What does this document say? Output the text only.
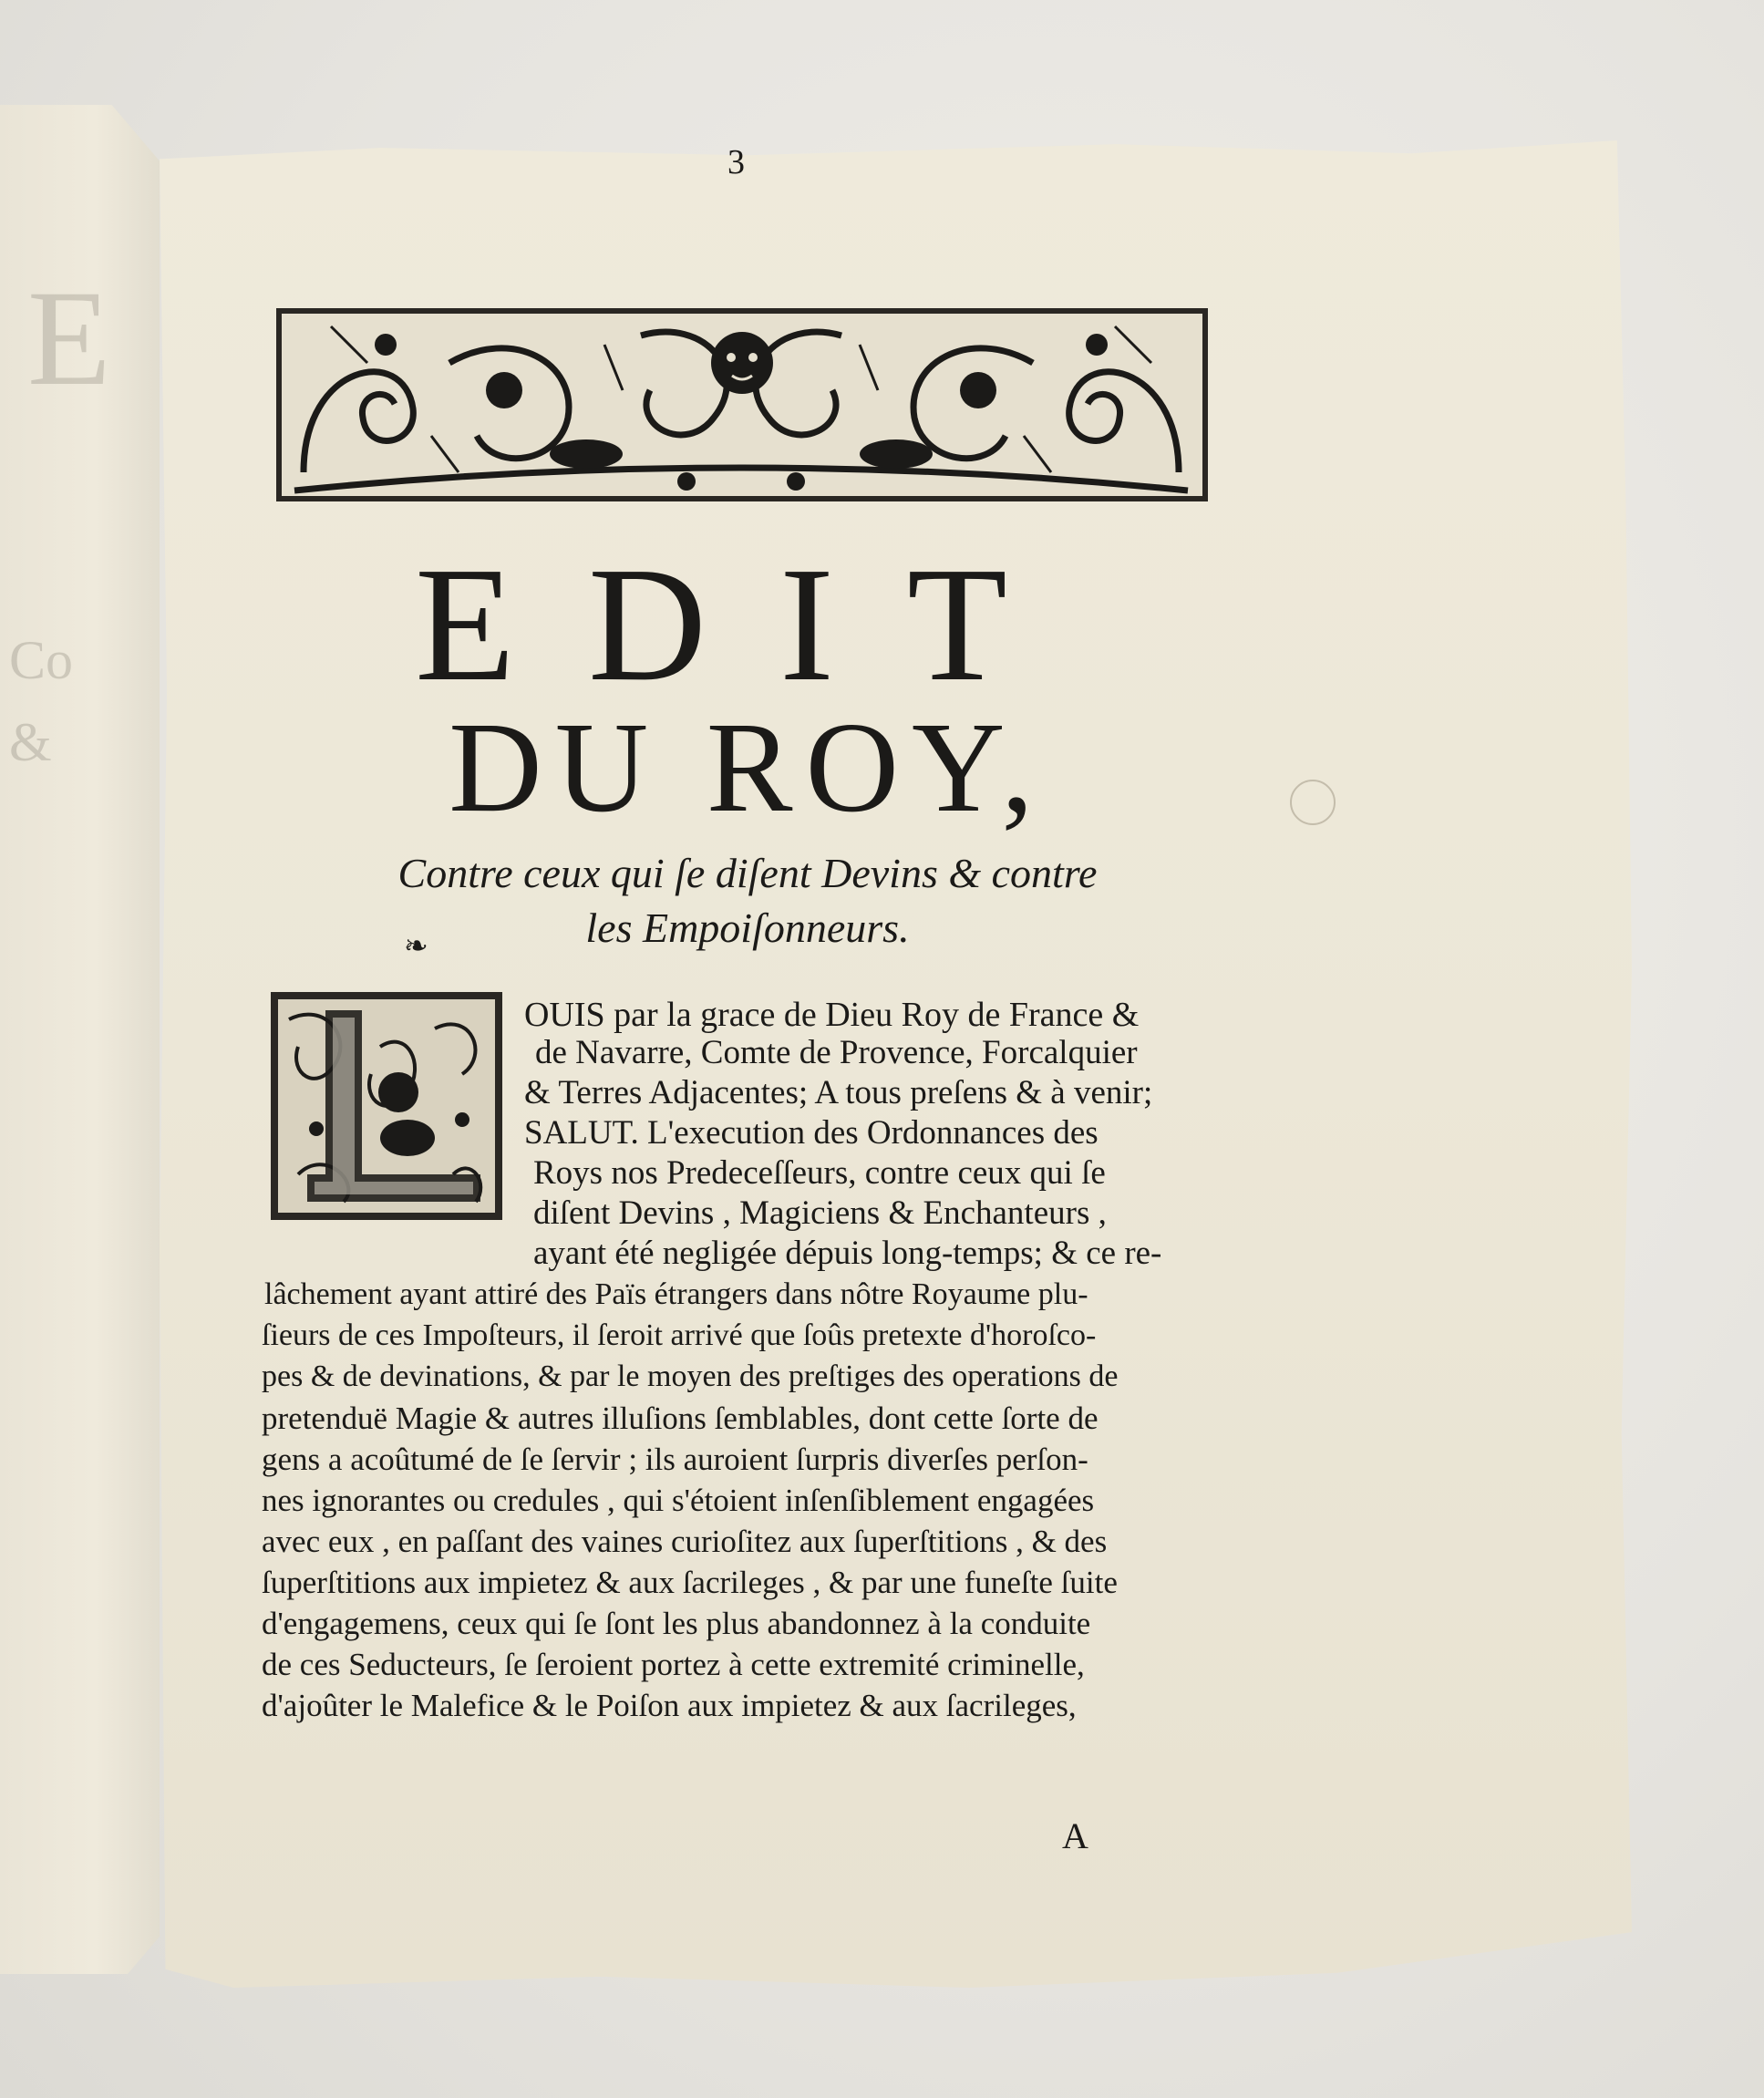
E
Co
&
3
EDIT
DU ROY,
Contre ceux qui ſe diſent Devins & contre
les Empoiſonneurs.
❧
OUIS par la grace de Dieu Roy de France &
de Navarre, Comte de Provence, Forcalquier
& Terres Adjacentes; A tous preſens & à venir;
SALUT. L'execution des Ordonnances des
Roys nos Predeceſſeurs, contre ceux qui ſe
diſent Devins , Magiciens & Enchanteurs ,
ayant été negligée dépuis long-temps; & ce re-
lâchement ayant attiré des Païs étrangers dans nôtre Royaume plu-
ſieurs de ces Impoſteurs, il ſeroit arrivé que ſoûs pretexte d'horoſco-
pes & de devinations, & par le moyen des preſtiges des operations de
pretenduë Magie & autres illuſions ſemblables, dont cette ſorte de
gens a acoûtumé de ſe ſervir ; ils auroient ſurpris diverſes perſon-
nes ignorantes ou credules , qui s'étoient inſenſiblement engagées
avec eux , en paſſant des vaines curioſitez aux ſuperſtitions , & des
ſuperſtitions aux impietez & aux ſacrileges , & par une funeſte ſuite
d'engagemens, ceux qui ſe ſont les plus abandonnez à la conduite
de ces Seducteurs, ſe ſeroient portez à cette extremité criminelle,
d'ajoûter le Malefice & le Poiſon aux impietez & aux ſacrileges,
A
